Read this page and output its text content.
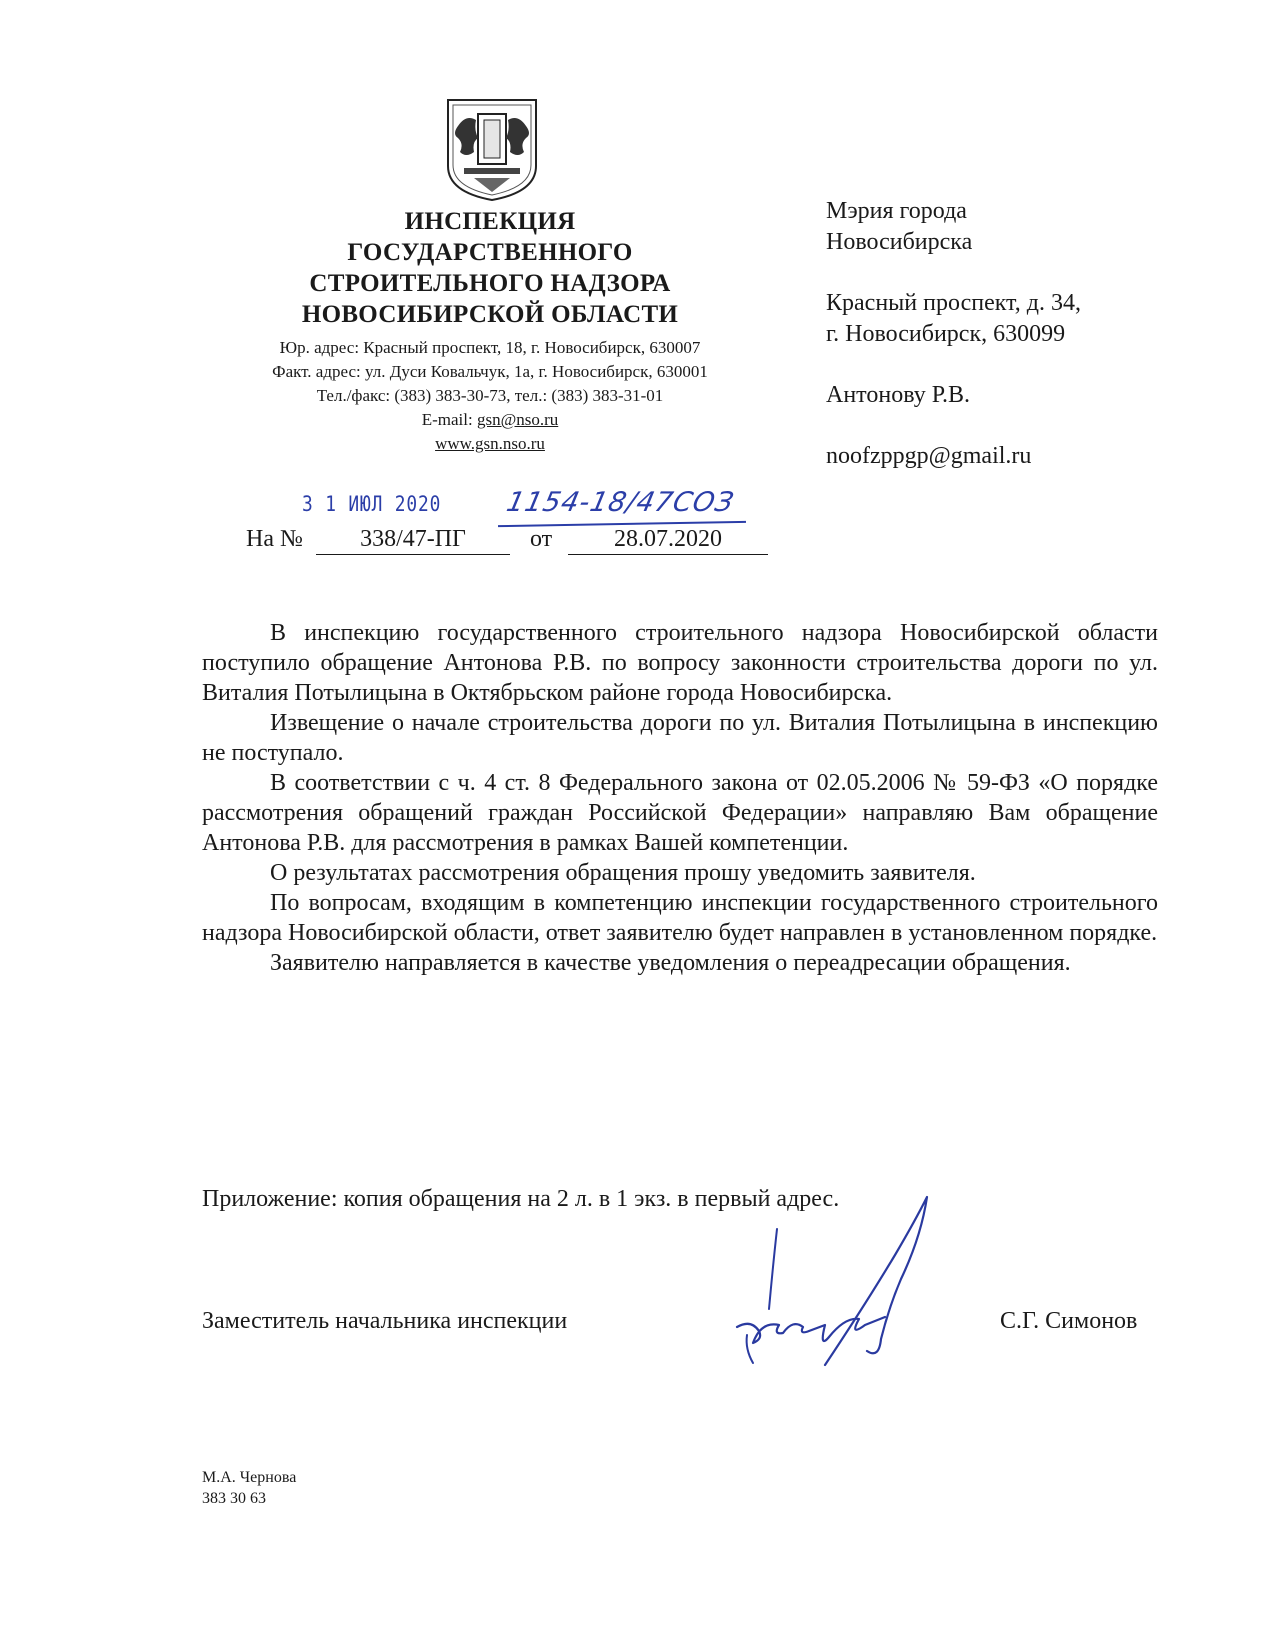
ИНСПЕКЦИЯ
ГОСУДАРСТВЕННОГО
СТРОИТЕЛЬНОГО НАДЗОРА
НОВОСИБИРСКОЙ ОБЛАСТИ
Юр. адрес: Красный проспект, 18, г. Новосибирск, 630007
Факт. адрес: ул. Дуси Ковальчук, 1а, г. Новосибирск, 630001
Тел./факс: (383) 383-30-73, тел.: (383) 383-31-01
E-mail: gsn@nso.ru
www.gsn.nso.ru
Мэрия города
Новосибирска
Красный проспект, д. 34,
г. Новосибирск, 630099
Антонову Р.В.
noofzppgp@gmail.ru
3 1 ИЮЛ 2020 1154-18/47СОЗ
На №	338/47-ПГ	от	28.07.2020

В инспекцию государственного строительного надзора Новосибирской области поступило обращение Антонова Р.В. по вопросу законности строительства дороги по ул. Виталия Потылицына в Октябрьском районе города Новосибирска.

Извещение о начале строительства дороги по ул. Виталия Потылицына в инспекцию не поступало.

В соответствии с ч. 4 ст. 8 Федерального закона от 02.05.2006 № 59-ФЗ «О порядке рассмотрения обращений граждан Российской Федерации» направляю Вам обращение Антонова Р.В. для рассмотрения в рамках Вашей компетенции.

О результатах рассмотрения обращения прошу уведомить заявителя.

По вопросам, входящим в компетенцию инспекции государственного строительного надзора Новосибирской области, ответ заявителю будет направлен в установленном порядке.

Заявителю направляется в качестве уведомления о переадресации обращения.

Приложение: копия обращения на 2 л. в 1 экз. в первый адрес.
Заместитель начальника инспекции	С.Г. Симонов
М.А. Чернова
383 30 63
